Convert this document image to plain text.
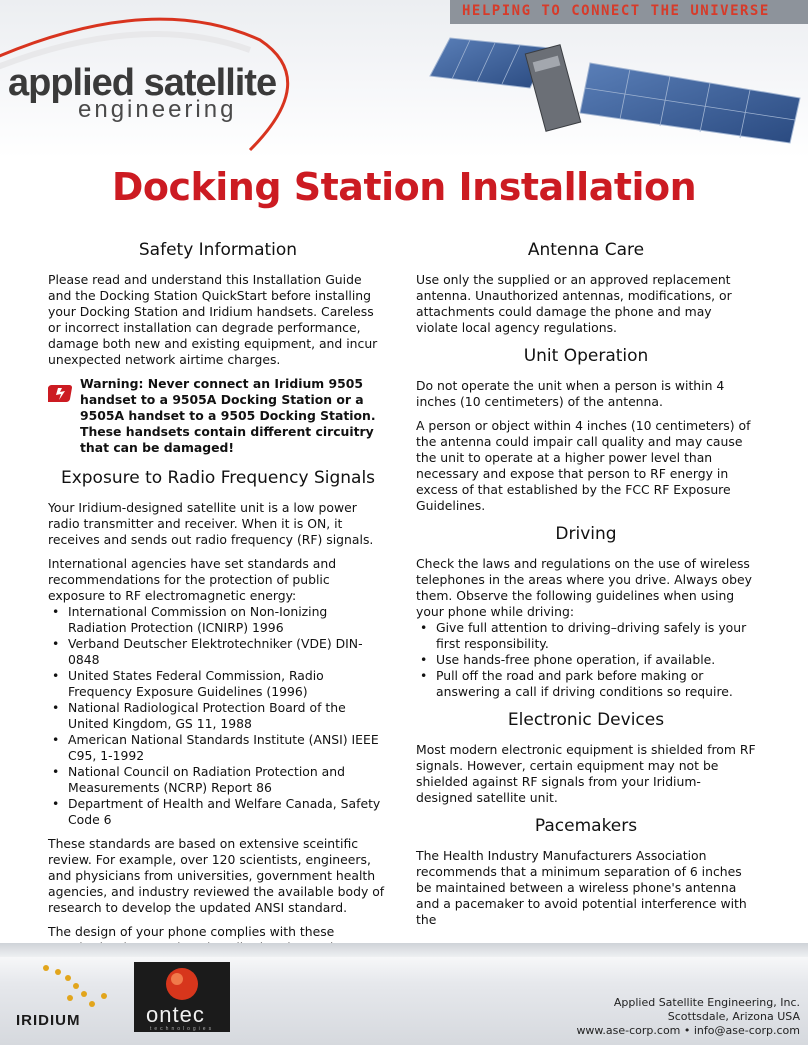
HELPING TO CONNECT THE UNIVERSE
applied satellite
engineering
Docking Station Installation
Safety Information

Please read and understand this Installation Guide and the Docking Station QuickStart before installing your Docking Station and Iridium handsets. Careless or incorrect installation can degrade performance, damage both new and existing equipment, and incur unexpected network airtime charges.

Warning: Never connect an Iridium 9505 handset to a 9505A Docking Station or a 9505A handset to a 9505 Docking Station. These handsets contain different circuitry that can be damaged!
Exposure to Radio Frequency Signals

Your Iridium-designed satellite unit is a low power radio transmitter and receiver. When it is ON, it receives and sends out radio frequency (RF) signals.

International agencies have set standards and recommendations for the protection of public exposure to RF electromagnetic energy:

• International Commission on Non-Ionizing Radiation Protection (ICNIRP) 1996
• Verband Deutscher Elektrotechniker (VDE) DIN-0848
• United States Federal Commission, Radio Frequency Exposure Guidelines (1996)
• National Radiological Protection Board of the United Kingdom, GS 11, 1988
• American National Standards Institute (ANSI) IEEE C95, 1-1992
• National Council on Radiation Protection and Measurements (NCRP) Report 86
• Department of Health and Welfare Canada, Safety Code 6

These standards are based on extensive sceintific review. For example, over 120 scientists, engineers, and physicians from universities, government health agencies, and industry reviewed the available body of research to develop the updated ANSI standard.

The design of your phone complies with these

Antenna Care

Use only the supplied or an approved replacement antenna. Unauthorized antennas, modifications, or attachments could damage the phone and may violate local agency regulations.

Unit Operation

Do not operate the unit when a person is within 4 inches (10 centimeters) of the antenna.

A person or object within 4 inches (10 centimeters) of the antenna could impair call quality and may cause the unit to operate at a higher power level than necessary and expose that person to RF energy in excess of that established by the FCC RF Exposure Guidelines.

Driving

Check the laws and regulations on the use of wireless telephones in the areas where you drive. Always obey them. Observe the following guidelines when using your phone while driving:

• Give full attention to driving–driving safely is your first responsibility.
• Use hands-free phone operation, if available.
• Pull off the road and park before making or answering a call if driving conditions so require.
Electronic Devices

Most modern electronic equipment is shielded from RF signals. However, certain equipment may not be shielded against RF signals from your Iridium-designed satellite unit.

Pacemakers

The Health Industry Manufacturers Association recommends that a minimum separation of 6 inches be maintained between a wireless phone's antenna and a pacemaker to avoid potential interference with the

IRIDIUM	ontec
technologies
Applied Satellite Engineering, Inc.
Scottsdale, Arizona USA
www.ase-corp.com • info@ase-corp.com
